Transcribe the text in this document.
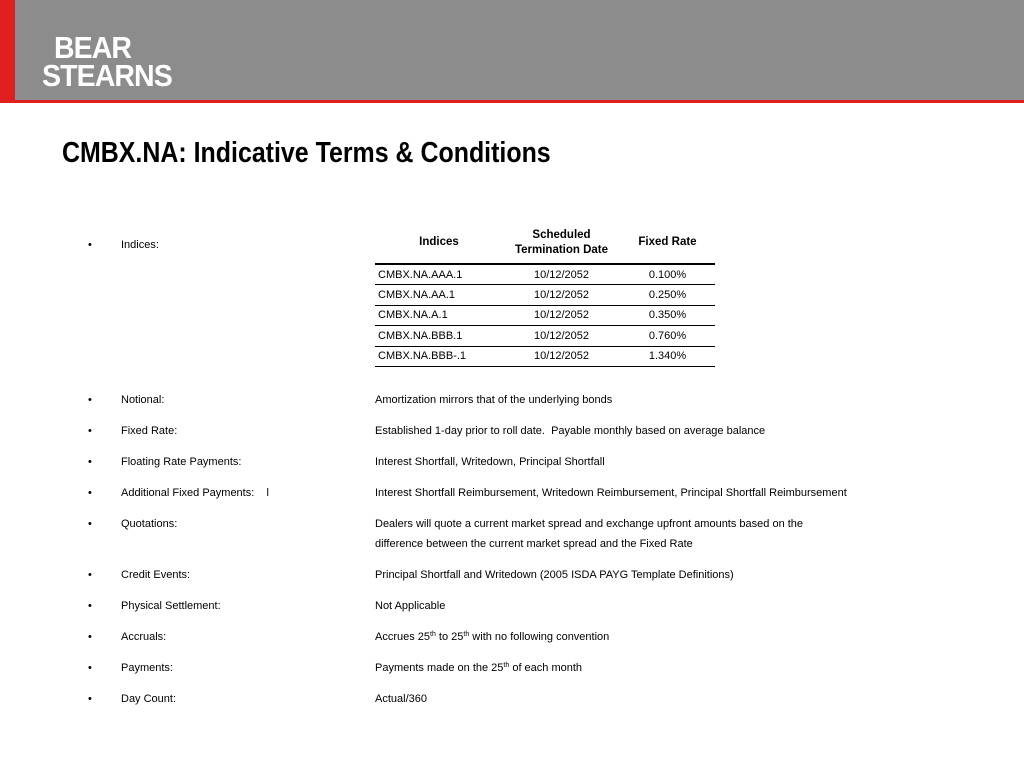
BEAR
STEARNS
CMBX.NA: Indicative Terms & Conditions
•	Indices:	Indices	Scheduled
Termination Date	Fixed Rate
CMBX.NA.AAA.1	10/12/2052	0.100%
CMBX.NA.AA.1	10/12/2052	0.250%
CMBX.NA.A.1	10/12/2052	0.350%
CMBX.NA.BBB.1	10/12/2052	0.760%
CMBX.NA.BBB-.1	10/12/2052	1.340%
•	Notional:	Amortization mirrors that of the underlying bonds
•	Fixed Rate:	Established 1-day prior to roll date.  Payable monthly based on average balance
•	Floating Rate Payments:	Interest Shortfall, Writedown, Principal Shortfall
•	Additional Fixed Payments:    l	Interest Shortfall Reimbursement, Writedown Reimbursement, Principal Shortfall Reimbursement
•	Quotations:	Dealers will quote a current market spread and exchange upfront amounts based on the
difference between the current market spread and the Fixed Rate
•	Credit Events:	Principal Shortfall and Writedown (2005 ISDA PAYG Template Definitions)
•	Physical Settlement:	Not Applicable
•	Accruals:	Accrues 25th to 25th with no following convention
•	Payments:	Payments made on the 25th of each month
•	Day Count:	Actual/360
